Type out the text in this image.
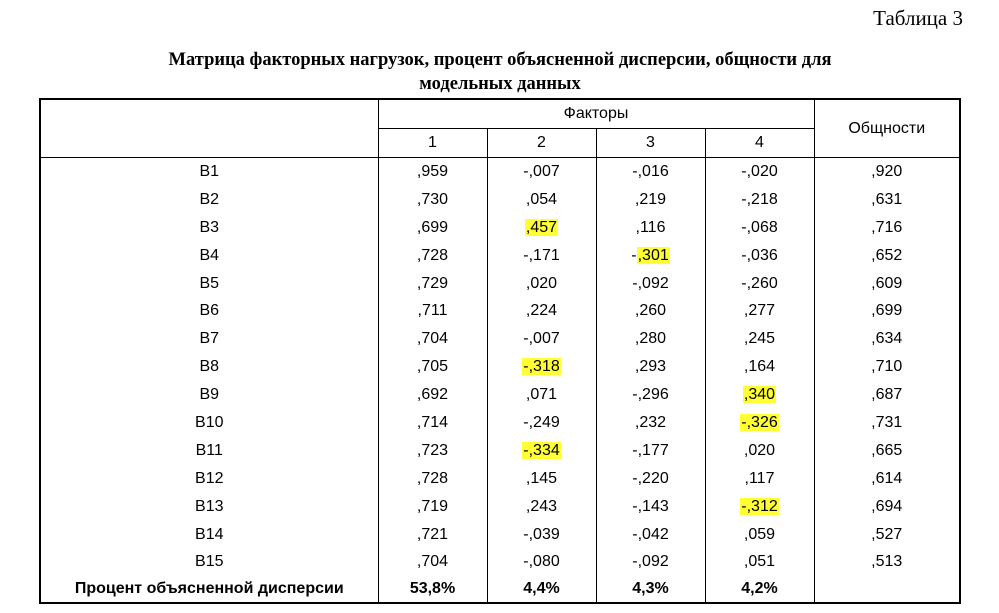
Таблица 3
Матрица факторных нагрузок, процент объясненной дисперсии, общности для
модельных данных
	Факторы				Общности
	1	2	3	4	
B1	,959	-,007	-,016	-,020	,920
B2	,730	,054	,219	-,218	,631
B3	,699	,457	,116	-,068	,716
B4	,728	-,171	-,301	-,036	,652
B5	,729	,020	-,092	-,260	,609
B6	,711	,224	,260	,277	,699
B7	,704	-,007	,280	,245	,634
B8	,705	-,318	,293	,164	,710
B9	,692	,071	-,296	,340	,687
B10	,714	-,249	,232	-,326	,731
B11	,723	-,334	-,177	,020	,665
B12	,728	,145	-,220	,117	,614
B13	,719	,243	-,143	-,312	,694
B14	,721	-,039	-,042	,059	,527
B15	,704	-,080	-,092	,051	,513
Процент объясненной дисперсии	53,8%	4,4%	4,3%	4,2%	
